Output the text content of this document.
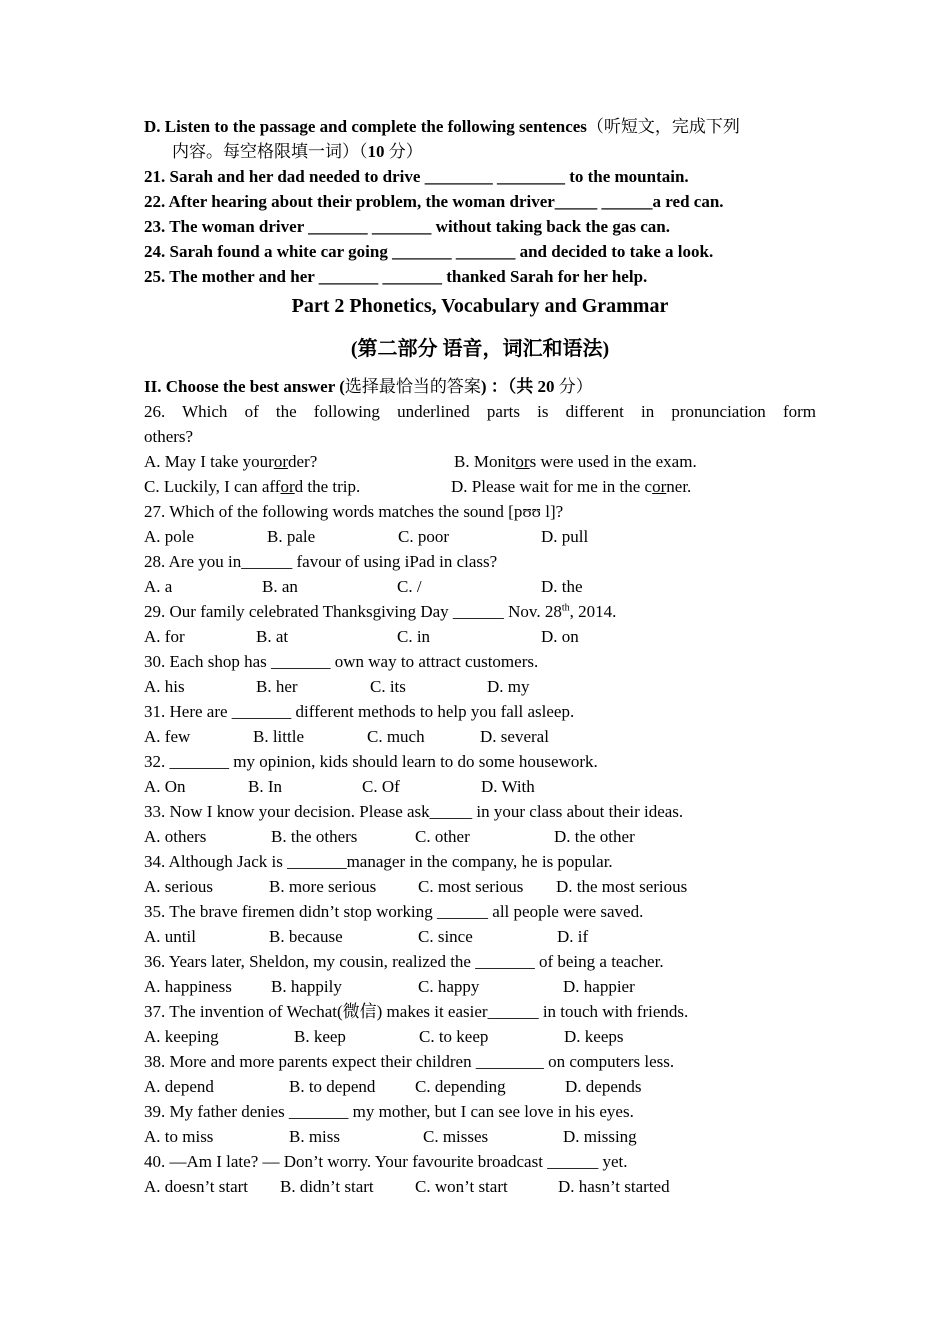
D. Listen to the passage and complete the following sentences（听短文，完成下列
内容。每空格限填一词）（10 分）
21. Sarah and her dad needed to drive ________ ________ to the mountain.
22. After hearing about their problem, the woman driver_____ ______a red can.
23. The woman driver _______ _______ without taking back the gas can.
24. Sarah found a white car going _______ _______ and decided to take a look.
25. The mother and her _______ _______ thanked Sarah for her help.
Part 2 Phonetics, Vocabulary and Grammar
(第二部分 语音，词汇和语法)
II. Choose the best answer (选择最恰当的答案) ：（共 20 分）
26. Which of the following underlined parts is different in pronunciation form
others?
A. May I take yourorder?	B. Monitors were used in the exam.
C. Luckily, I can afford the trip.	D. Please wait for me in the corner.
27. Which of the following words matches the sound [pʊʊ l]?
A. pole	B. pale	C. poor	D. pull
28. Are you in______ favour of using iPad in class?
A. a	B. an	C. /	D. the
29. Our family celebrated Thanksgiving Day ______ Nov. 28th, 2014.
A. for	B. at	C. in	D. on
30. Each shop has _______ own way to attract customers.
A. his	B. her	C. its	D. my
31. Here are _______ different methods to help you fall asleep.
A. few	B. little	C. much	D. several
32. _______ my opinion, kids should learn to do some housework.
A. On	B. In	C. Of	D. With
33. Now I know your decision. Please ask_____ in your class about their ideas.
A. others	B. the others	C. other	D. the other
34. Although Jack is _______manager in the company, he is popular.
A. serious	B. more serious	C. most serious	D. the most serious
35. The brave firemen didn’t stop working ______ all people were saved.
A. until	B. because	C. since	D. if
36. Years later, Sheldon, my cousin, realized the _______ of being a teacher.
A. happiness	B. happily	C. happy	D. happier
37. The invention of Wechat(微信) makes it easier______ in touch with friends.
A. keeping	B. keep	C. to keep	D. keeps
38. More and more parents expect their children ________ on computers less.
A. depend	B. to depend	C. depending	D. depends
39. My father denies _______ my mother, but I can see love in his eyes.
A. to miss	B. miss	C. misses	D. missing
40. —Am I late? — Don’t worry. Your favourite broadcast ______ yet.
A. doesn’t start	B. didn’t start	C. won’t start	D. hasn’t started
